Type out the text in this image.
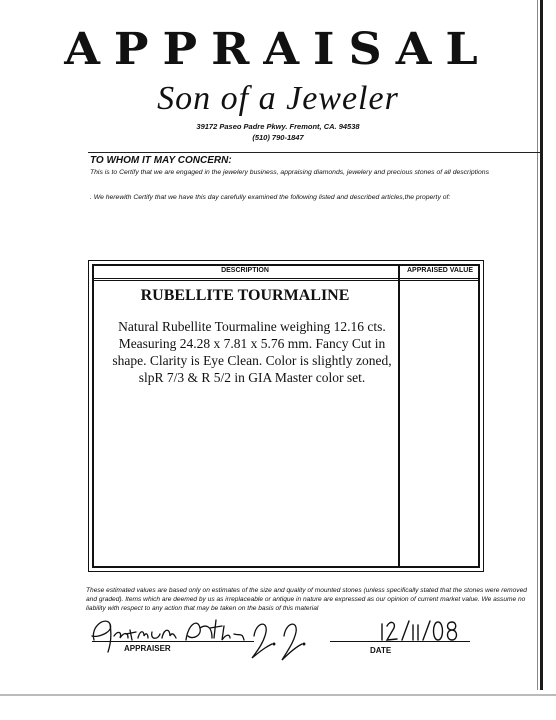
APPRAISAL
Son of a Jeweler
39172 Paseo Padre Pkwy. Fremont, CA. 94538
(510) 790-1847
TO WHOM IT MAY CONCERN:
This is to Certify that we are engaged in the jewelery business, appraising diamonds, jewelery and precious stones of all descriptions
. We herewith Certify that we have this day carefully examined the following listed and described articles,the property of:
DESCRIPTION	APPRAISED VALUE
RUBELLITE TOURMALINE
Natural Rubellite Tourmaline weighing 12.16 cts. Measuring 24.28 x 7.81 x 5.76 mm. Fancy Cut in shape. Clarity is Eye Clean. Color is slightly zoned, slpR 7/3 & R 5/2 in GIA Master color set.
These estimated values are based only on estimates of the size and quality of mounted stones (unless specifically stated that the stones were removed and graded). Items which are deemed by us as irreplaceable or antique in nature are expressed as our opinion of current market value. We assume no liability with respect to any action that may be taken on the basis of this material
APPRAISER	DATE
